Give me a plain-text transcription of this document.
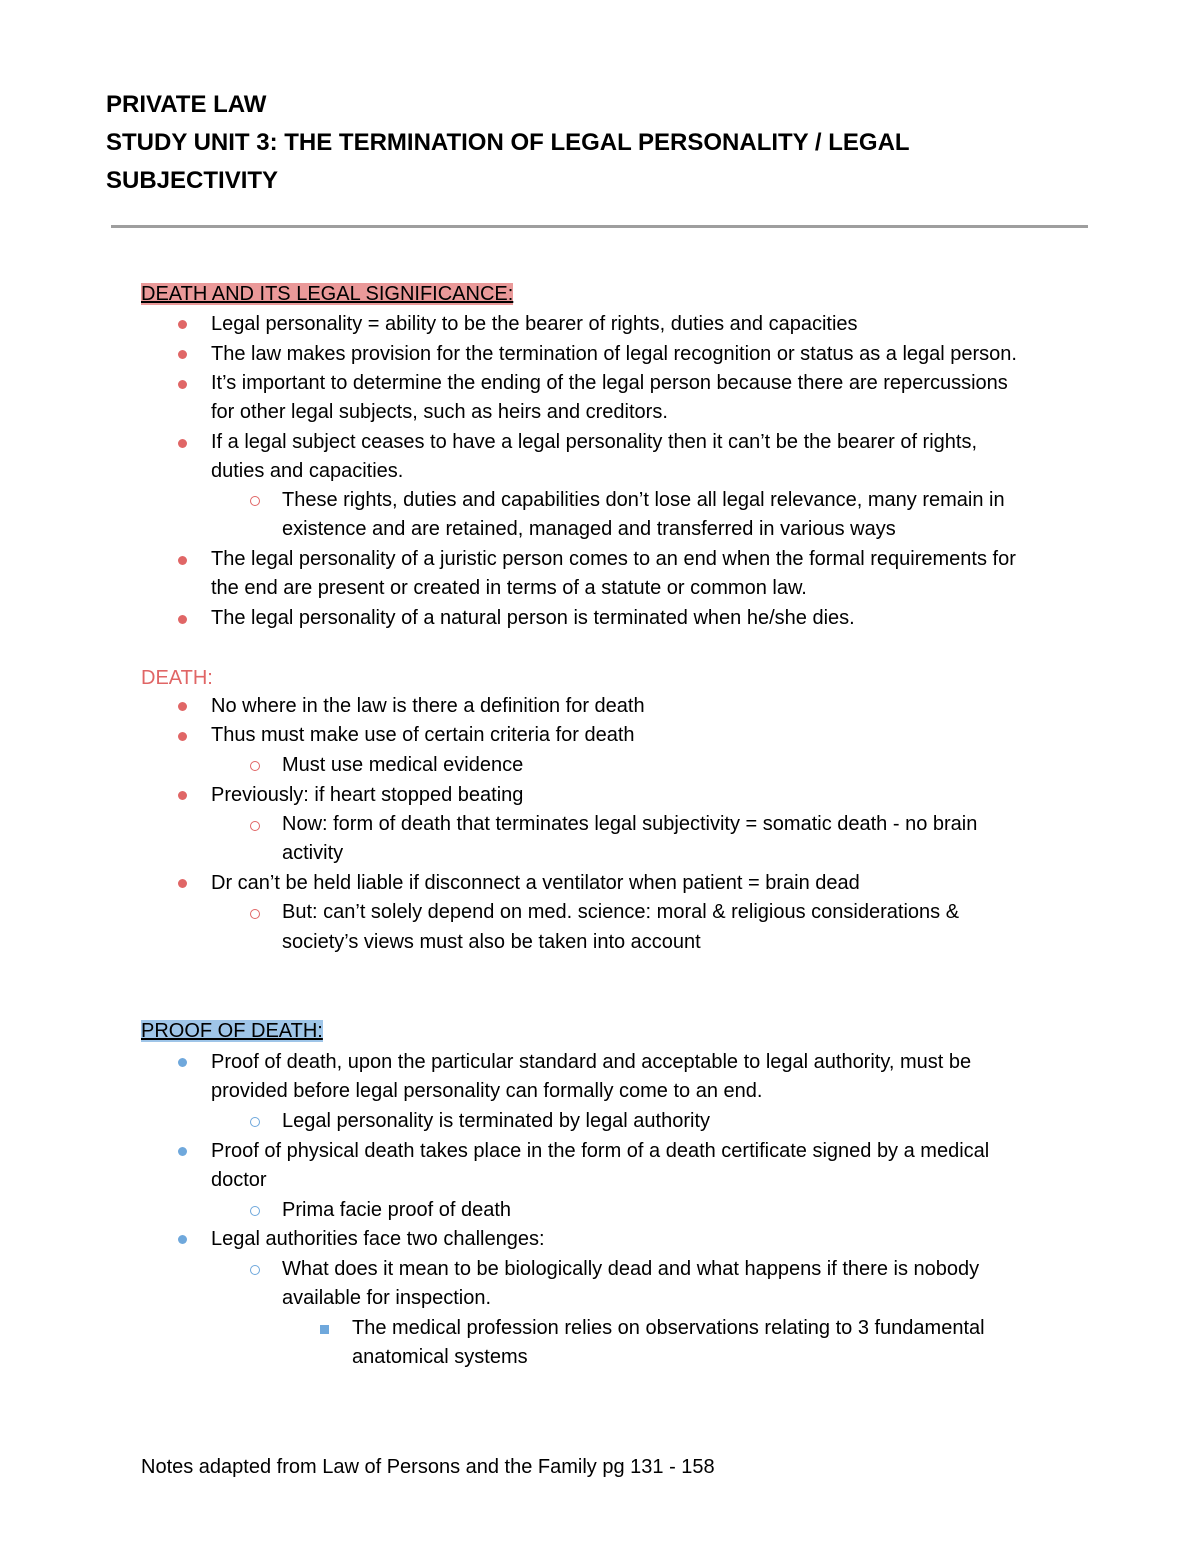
PRIVATE LAW
STUDY UNIT 3: THE TERMINATION OF LEGAL PERSONALITY / LEGAL
SUBJECTIVITY
DEATH AND ITS LEGAL SIGNIFICANCE:

Legal personality = ability to be the bearer of rights, duties and capacities

The law makes provision for the termination of legal recognition or status as a legal person.

It’s important to determine the ending of the legal person because there are repercussions

for other legal subjects, such as heirs and creditors.

If a legal subject ceases to have a legal personality then it can’t be the bearer of rights,

duties and capacities.

These rights, duties and capabilities don’t lose all legal relevance, many remain in

existence and are retained, managed and transferred in various ways

The legal personality of a juristic person comes to an end when the formal requirements for

the end are present or created in terms of a statute or common law.

The legal personality of a natural person is terminated when he/she dies.

DEATH:

No where in the law is there a definition for death

Thus must make use of certain criteria for death

Must use medical evidence

Previously: if heart stopped beating

Now: form of death that terminates legal subjectivity = somatic death - no brain

activity

Dr can’t be held liable if disconnect a ventilator when patient = brain dead

But: can’t solely depend on med. science: moral & religious considerations &

society’s views must also be taken into account

PROOF OF DEATH:

Proof of death, upon the particular standard and acceptable to legal authority, must be

provided before legal personality can formally come to an end.

Legal personality is terminated by legal authority

Proof of physical death takes place in the form of a death certificate signed by a medical

doctor

Prima facie proof of death

Legal authorities face two challenges:

What does it mean to be biologically dead and what happens if there is nobody

available for inspection.

The medical profession relies on observations relating to 3 fundamental

anatomical systems

Notes adapted from Law of Persons and the Family pg 131 - 158
